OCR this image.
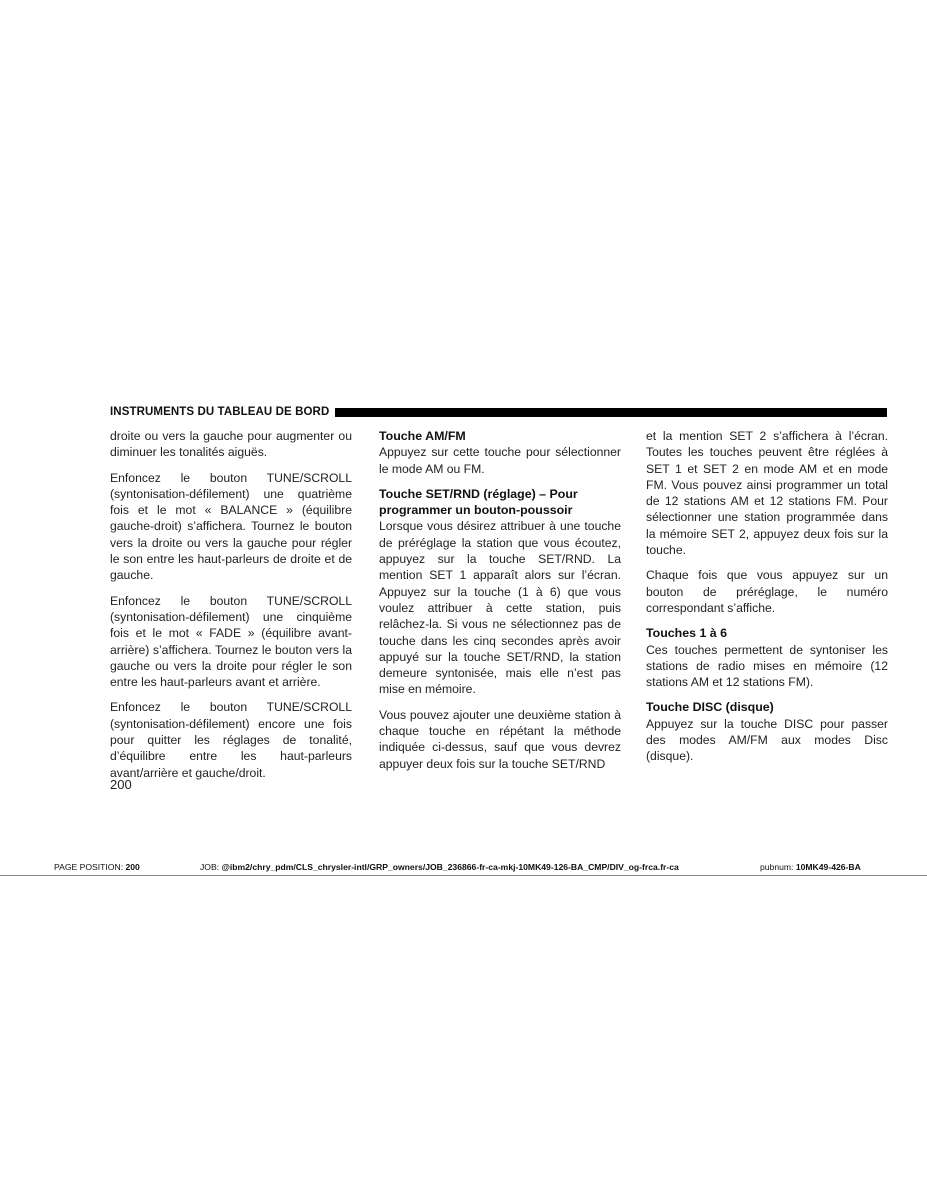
INSTRUMENTS DU TABLEAU DE BORD

droite ou vers la gauche pour augmenter ou diminuer les tonalités aiguës.

Enfoncez le bouton TUNE/SCROLL (syntonisation-défilement) une quatrième fois et le mot « BALANCE » (équilibre gauche-droit) s’affichera. Tournez le bouton vers la droite ou vers la gauche pour régler le son entre les haut-parleurs de droite et de gauche.

Enfoncez le bouton TUNE/SCROLL (syntonisation-défilement) une cinquième fois et le mot « FADE » (équilibre avant-arrière) s’affichera. Tournez le bouton vers la gauche ou vers la droite pour régler le son entre les haut-parleurs avant et arrière.

Enfoncez le bouton TUNE/SCROLL (syntonisation-défilement) encore une fois pour quitter les réglages de tonalité, d’équilibre entre les haut-parleurs avant/arrière et gauche/droit.

Touche AM/FM

Appuyez sur cette touche pour sélectionner le mode AM ou FM.

Touche SET/RND (réglage) – Pour programmer un bouton-poussoir

Lorsque vous désirez attribuer à une touche de préréglage la station que vous écoutez, appuyez sur la touche SET/RND. La mention SET 1 apparaît alors sur l’écran. Appuyez sur la touche (1 à 6) que vous voulez attribuer à cette station, puis relâchez-la. Si vous ne sélectionnez pas de touche dans les cinq secondes après avoir appuyé sur la touche SET/RND, la station demeure syntonisée, mais elle n’est pas mise en mémoire.

Vous pouvez ajouter une deuxième station à chaque touche en répétant la méthode indiquée ci-dessus, sauf que vous devrez appuyer deux fois sur la touche SET/RND

et la mention SET 2 s’affichera à l’écran. Toutes les touches peuvent être réglées à SET 1 et SET 2 en mode AM et en mode FM. Vous pouvez ainsi programmer un total de 12 stations AM et 12 stations FM. Pour sélectionner une station programmée dans la mémoire SET 2, appuyez deux fois sur la touche.

Chaque fois que vous appuyez sur un bouton de préréglage, le numéro correspondant s’affiche.

Touches 1 à 6

Ces touches permettent de syntoniser les stations de radio mises en mémoire (12 stations AM et 12 stations FM).

Touche DISC (disque)

Appuyez sur la touche DISC pour passer des modes AM/FM aux modes Disc (disque).

200
PAGE POSITION: 200	JOB: @ibm2/chry_pdm/CLS_chrysler-intl/GRP_owners/JOB_236866-fr-ca-mkj-10MK49-126-BA_CMP/DIV_og-frca.fr-ca	pubnum: 10MK49-426-BA
